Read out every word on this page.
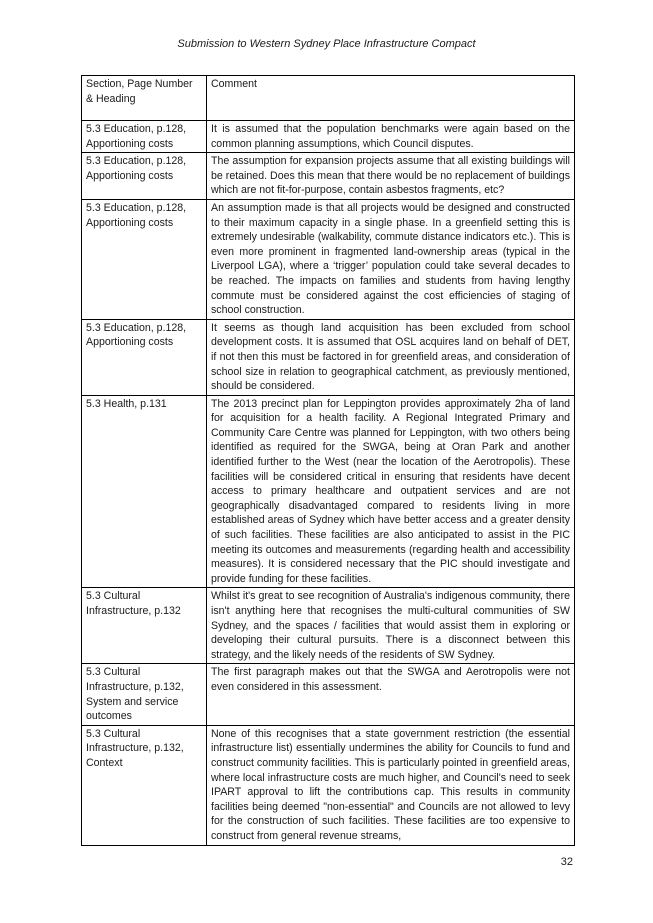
Submission to Western Sydney Place Infrastructure Compact
Section, Page Number & Heading	Comment
5.3 Education, p.128, Apportioning costs	It is assumed that the population benchmarks were again based on the common planning assumptions, which Council disputes.
5.3 Education, p.128, Apportioning costs	The assumption for expansion projects assume that all existing buildings will be retained. Does this mean that there would be no replacement of buildings which are not fit-for-purpose, contain asbestos fragments, etc?
5.3 Education, p.128, Apportioning costs	An assumption made is that all projects would be designed and constructed to their maximum capacity in a single phase. In a greenfield setting this is extremely undesirable (walkability, commute distance indicators etc.). This is even more prominent in fragmented land-ownership areas (typical in the Liverpool LGA), where a ‘trigger’ population could take several decades to be reached. The impacts on families and students from having lengthy commute must be considered against the cost efficiencies of staging of school construction.
5.3 Education, p.128, Apportioning costs	It seems as though land acquisition has been excluded from school development costs. It is assumed that OSL acquires land on behalf of DET, if not then this must be factored in for greenfield areas, and consideration of school size in relation to geographical catchment, as previously mentioned, should be considered.
5.3 Health, p.131	The 2013 precinct plan for Leppington provides approximately 2ha of land for acquisition for a health facility. A Regional Integrated Primary and Community Care Centre was planned for Leppington, with two others being identified as required for the SWGA, being at Oran Park and another identified further to the West (near the location of the Aerotropolis). These facilities will be considered critical in ensuring that residents have decent access to primary healthcare and outpatient services and are not geographically disadvantaged compared to residents living in more established areas of Sydney which have better access and a greater density of such facilities. These facilities are also anticipated to assist in the PIC meeting its outcomes and measurements (regarding health and accessibility measures). It is considered necessary that the PIC should investigate and provide funding for these facilities.
5.3 Cultural Infrastructure, p.132	Whilst it's great to see recognition of Australia's indigenous community, there isn't anything here that recognises the multi-cultural communities of SW Sydney, and the spaces / facilities that would assist them in exploring or developing their cultural pursuits. There is a disconnect between this strategy, and the likely needs of the residents of SW Sydney.
5.3 Cultural Infrastructure, p.132, System and service outcomes	The first paragraph makes out that the SWGA and Aerotropolis were not even considered in this assessment.
5.3 Cultural Infrastructure, p.132, Context	None of this recognises that a state government restriction (the essential infrastructure list) essentially undermines the ability for Councils to fund and construct community facilities. This is particularly pointed in greenfield areas, where local infrastructure costs are much higher, and Council's need to seek IPART approval to lift the contributions cap. This results in community facilities being deemed "non-essential" and Councils are not allowed to levy for the construction of such facilities. These facilities are too expensive to construct from general revenue streams,
32
